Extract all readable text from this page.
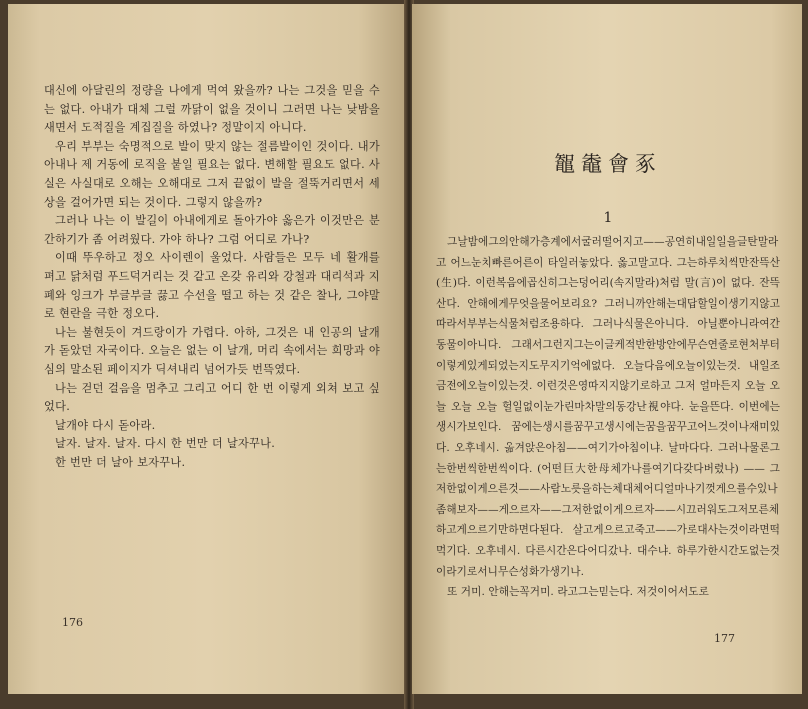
대신에 아달린의 정량을 나에게 먹여 왔을까? 나는 그것을 믿을 수는 없다. 아내가 대체 그럴 까닭이 없을 것이니 그러면 나는 낮밤을 새면서 도적질을 계집질을 하였나? 정말이지 아니다.

우리 부부는 숙명적으로 발이 맞지 않는 절름발이인 것이다. 내가 아내나 제 거동에 로직을 붙일 필요는 없다. 변해할 필요도 없다. 사실은 사실대로 오해는 오해대로 그저 끝없이 발을 절뚝거리면서 세상을 걸어가면 되는 것이다. 그렇지 않을까?

그러나 나는 이 발길이 아내에게로 돌아가야 옳은가 이것만은 분간하기가 좀 어려웠다. 가야 하나? 그럼 어디로 가나?

이때 뚜우하고 정오 사이렌이 울었다. 사람들은 모두 네 활개를 펴고 닭처럼 푸드덕거리는 것 같고 온갖 유리와 강철과 대리석과 지폐와 잉크가 부글부글 끓고 수선을 떨고 하는 것 같은 찰나, 그야말로 현란을 극한 정오다.

나는 불현듯이 겨드랑이가 가렵다. 아하, 그것은 내 인공의 날개가 돋았던 자국이다. 오늘은 없는 이 날개, 머리 속에서는 희망과 야심의 말소된 페이지가 딕셔내리 넘어가듯 번뜩였다.

나는 걷던 걸음을 멈추고 그리고 어디 한 번 이렇게 외쳐 보고 싶었다.

날개야 다시 돋아라.

날자. 날자. 날자. 다시 한 번만 더 날자꾸나.

한 번만 더 날아 보자꾸나.

176
鼅鼄會豖
1

그날밤에그의안해가층계에서굴러떨어지고——공연히내일일을글탄말라고 어느눈치빠른어른이 타일러놓았다. 옳고말고다. 그는하루치씩만잔뜩산(生)다. 이런복음에곱신히그는덩어리(속지말라)처럼 말(言)이 없다. 잔뜩산다. 안해에게무엇을물어보리요? 그러니까안해는대답할일이생기지않고 따라서부부는식물처럼조용하다. 그러나식물은아니다. 아닐뿐아니라여간동물이아니다. 그래서그런지그는이글케적반한방안에무슨연줄로현처부터이렇게있게되었는지도무지기억에없다. 오늘다음에오늘이있는것. 내일조금전에오늘이있는것. 이런것은영따지지않기로하고 그저 얼마든지 오늘 오늘 오늘 오늘 헐일없이눈가린마차말의동강난視야다. 눈을뜬다. 이번에는생시가보인다. 꿈에는생시를꿈꾸고생시에는꿈을꿈꾸고어느것이나재미있다. 오후네시. 옮겨앉은아침——여기가아침이냐. 날마다다. 그러나물론그는한번씩한번씩이다. (어떤巨大한母체가나를여기다갖다버렸나) —— 그저한없이게으른것——사람노릇을하는체대체어디얼마나기껏게으를수있나좀해보자——게으르자——그저한없이게으르자——시끄러워도그저모른체하고게으르기만하면다된다. 살고게으르고죽고——가로대사는것이라면떡먹기다. 오후네시. 다른시간은다어디갔나. 대수냐. 하루가한시간도없는것이라기로서니무슨성화가생기나.

또 거미. 안해는꼭거미. 라고그는믿는다. 저것이어서도로

177
